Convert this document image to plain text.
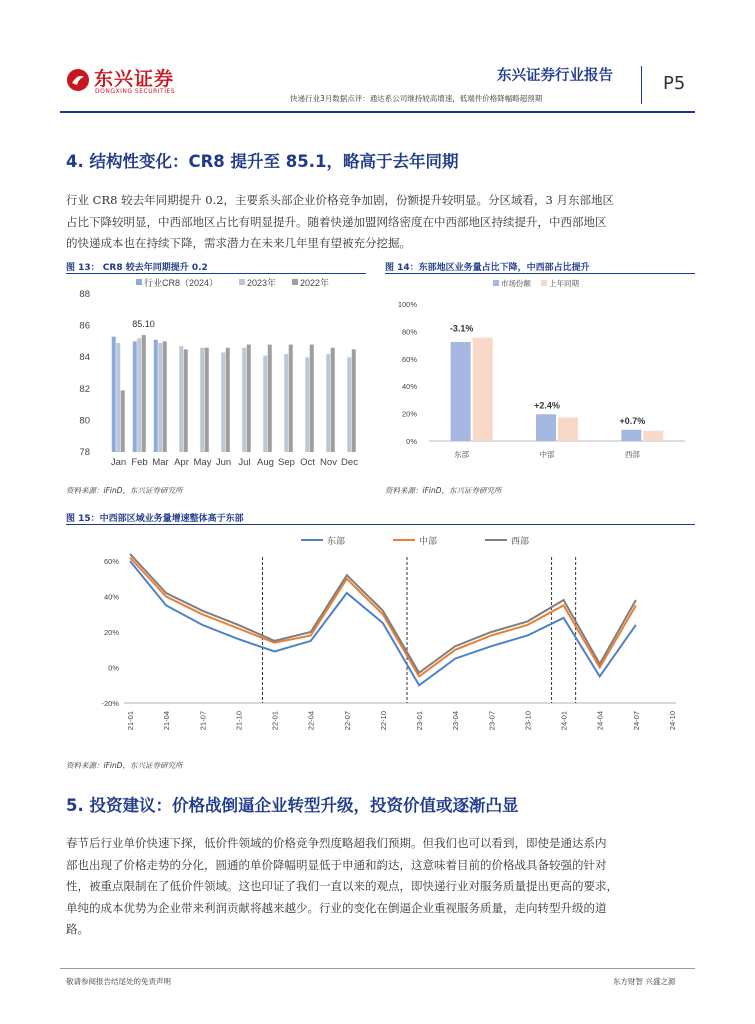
东兴证券
DONGXING SECURITIES
东兴证券行业报告
快递行业3月数据点评：通达系公司继持较高增速，低端件价格降幅略超预期
P5
4. 结构性变化：CR8 提升至 85.1，略高于去年同期
行业 CR8 较去年同期提升 0.2，主要系头部企业价格竞争加剧，份额提升较明显。分区域看，3 月东部地区
占比下降较明显，中西部地区占比有明显提升。随着快递加盟网络密度在中西部地区持续提升，中西部地区
的快递成本也在持续下降，需求潜力在未来几年里有望被充分挖掘。
图 13： CR8 较去年同期提升 0.2
78
80
82
84
86
88
Jan Feb Mar Apr May Jun Jul Aug Sep Oct Nov Dec
85.10
行业CR8（2024）	2023年	2022年
资料来源：iFinD，东兴证券研究所
图 14：东部地区业务量占比下降，中西部占比提升
0%
20%
40%
60%
80%
100%
-3.1%
东部
+2.4%
中部
+0.7%
西部
市场份额 上年同期
资料来源：iFinD，东兴证券研究所
图 15：中西部区域业务量增速整体高于东部
-20%
0%
20%
40%
60%
21-01	21-04	21-07	21-10	22-01	22-04	22-07	22-10	23-01	23-04	23-07	23-10	24-01	24-04	24-07	24-10
东部	中部	西部
资料来源：iFinD，东兴证券研究所
5. 投资建议：价格战倒逼企业转型升级，投资价值或逐渐凸显
春节后行业单价快速下探，低价件领域的价格竞争烈度略超我们预期。但我们也可以看到，即使是通达系内
部也出现了价格走势的分化，圆通的单价降幅明显低于申通和韵达，这意味着目前的价格战具备较强的针对
性，被重点限制在了低价件领域。这也印证了我们一直以来的观点，即快递行业对服务质量提出更高的要求，
单纯的成本优势为企业带来利润贡献将越来越少。行业的变化在倒逼企业重视服务质量，走向转型升级的道
路。
敬请参阅报告结尾处的免责声明	东方财智 兴盛之源
